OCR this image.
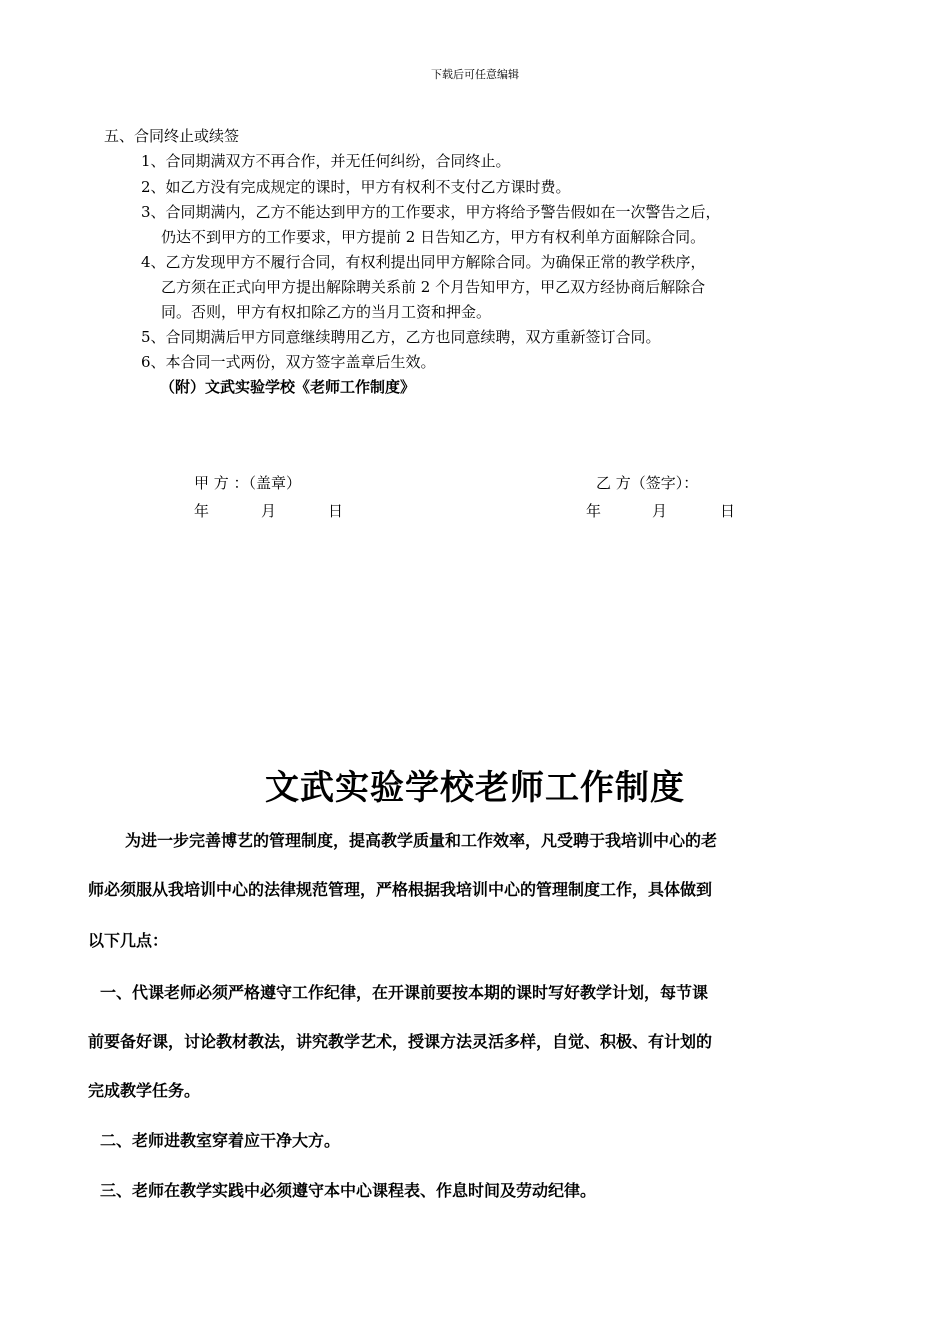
下载后可任意编辑
五、合同终止或续签
1、合同期满双方不再合作，并无任何纠纷，合同终止。
2、如乙方没有完成规定的课时，甲方有权利不支付乙方课时费。
3、合同期满内，乙方不能达到甲方的工作要求，甲方将给予警告假如在一次警告之后，
仍达不到甲方的工作要求，甲方提前 2 日告知乙方，甲方有权利单方面解除合同。
4、乙方发现甲方不履行合同，有权利提出同甲方解除合同。为确保正常的教学秩序，
乙方须在正式向甲方提出解除聘关系前 2 个月告知甲方，甲乙双方经协商后解除合
同。否则，甲方有权扣除乙方的当月工资和押金。
5、合同期满后甲方同意继续聘用乙方，乙方也同意续聘，双方重新签订合同。
6、本合同一式两份，双方签字盖章后生效。
（附）文武实验学校《老师工作制度》
甲 方 ：（盖章）	乙 方（签字）：
年	月	日	年	月	日
文武实验学校老师工作制度
为进一步完善博艺的管理制度，提高教学质量和工作效率，凡受聘于我培训中心的老
师必须服从我培训中心的法律规范管理，严格根据我培训中心的管理制度工作，具体做到
以下几点：
一、代课老师必须严格遵守工作纪律，在开课前要按本期的课时写好教学计划，每节课
前要备好课，讨论教材教法，讲究教学艺术，授课方法灵活多样，自觉、积极、有计划的
完成教学任务。
二、老师进教室穿着应干净大方。
三、老师在教学实践中必须遵守本中心课程表、作息时间及劳动纪律。
